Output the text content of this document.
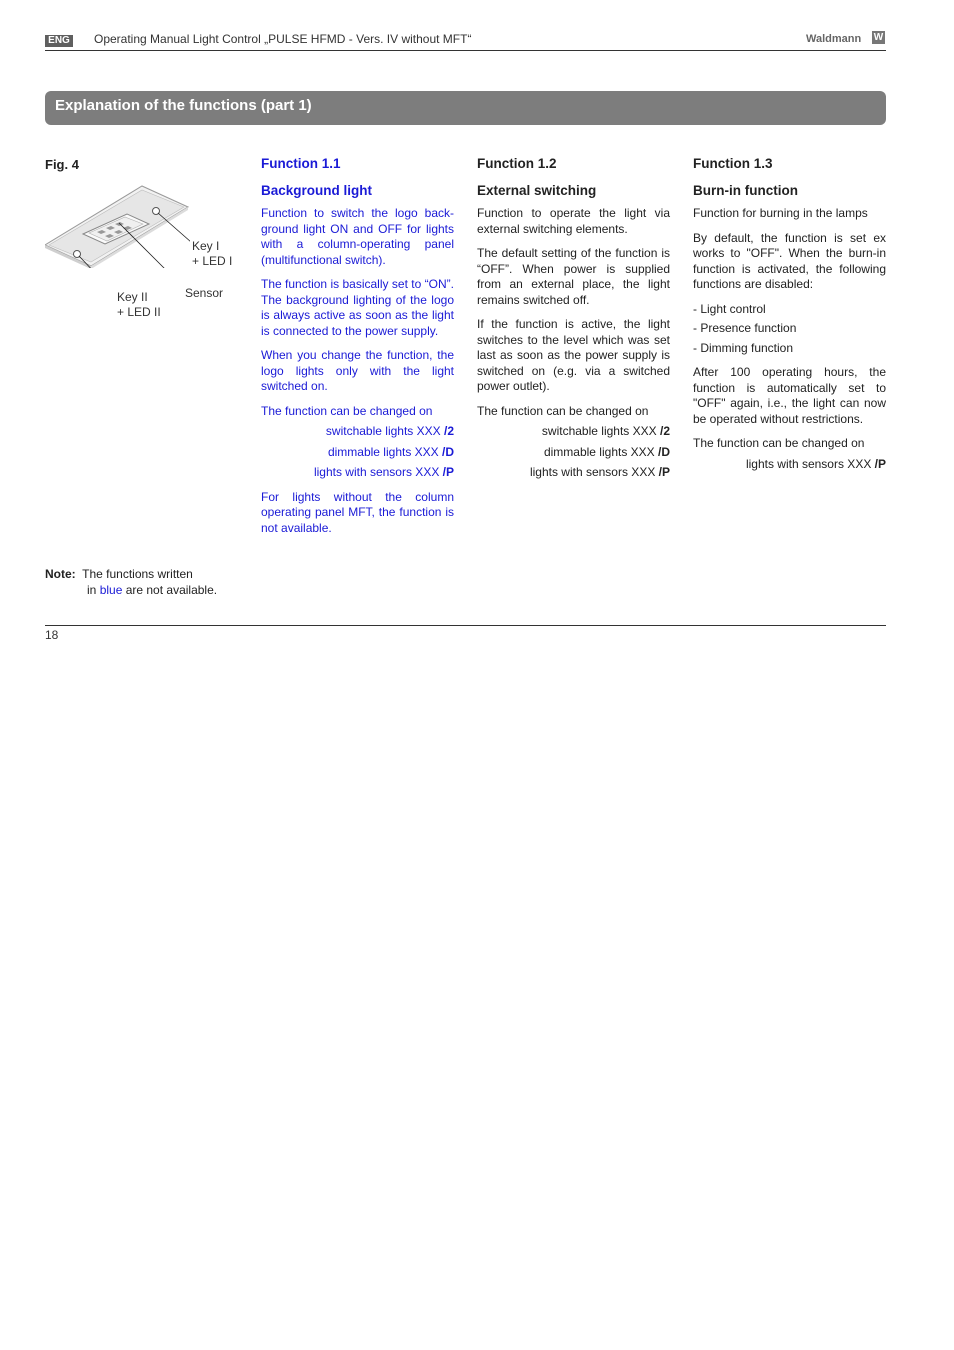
ENG Operating Manual Light Control „PULSE HFMD - Vers. IV without MFT“	Waldmann W
Explanation of the functions (part 1)
Fig. 4
Key I
+ LED I
Sensor
Key II
+ LED II
Function 1.1
Background light

Function to switch the logo back-ground light ON and OFF for lights with a column-operating panel (multifunctional switch).

The function is basically set to “ON”. The background lighting of the logo is always active as soon as the light is connected to the power supply.

When you change the function, the logo lights only with the light switched on.

The function can be changed on

switchable lights XXX /2

dimmable lights XXX /D

lights with sensors XXX /P

For lights without the column operating panel MFT, the function is not available.

Function 1.2
External switching

Function to operate the light via external switching elements.

The default setting of the function is “OFF”. When power is supplied from an external place, the light remains switched off.

If the function is active, the light switches to the level which was set last as soon as the power supply is switched on (e.g. via a switched power outlet).

The function can be changed on

switchable lights XXX /2

dimmable lights XXX /D

lights with sensors XXX /P

Function 1.3
Burn-in function

Function for burning in the lamps

By default, the function is set ex works to "OFF". When the burn-in function is activated, the following functions are disabled:

- Light control
- Presence function
- Dimming function

After 100 operating hours, the function is automatically set to "OFF" again, i.e., the light can now be operated without restrictions.

The function can be changed on

lights with sensors XXX /P

Note: The functions written
in blue are not available.
18
